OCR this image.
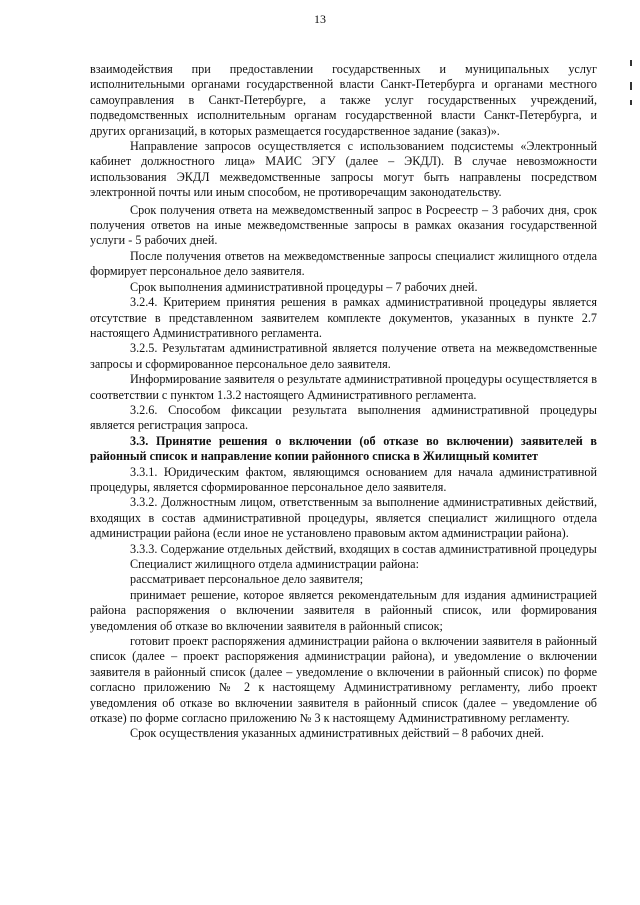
13

взаимодействия при предоставлении государственных и муниципальных услуг исполнительными органами государственной власти Санкт-Петербурга и органами местного самоуправления в Санкт-Петербурге, а также услуг государственных учреждений, подведомственных исполнительным органам государственной власти Санкт-Петербурга, и других организаций, в которых размещается государственное задание (заказ)».

Направление запросов осуществляется с использованием подсистемы «Электронный кабинет должностного лица» МАИС ЭГУ (далее – ЭКДЛ). В случае невозможности использования ЭКДЛ межведомственные запросы могут быть направлены посредством электронной почты или иным способом, не противоречащим законодательству.

Срок получения ответа на межведомственный запрос в Росреестр – 3 рабочих дня, срок получения ответов на иные межведомственные запросы в рамках оказания государственной услуги - 5 рабочих дней.

После получения ответов на межведомственные запросы специалист жилищного отдела формирует персональное дело заявителя.

Срок выполнения административной процедуры – 7 рабочих дней.

3.2.4. Критерием принятия решения в рамках административной процедуры является отсутствие в представленном заявителем комплекте документов, указанных в пункте 2.7 настоящего Административного регламента.

3.2.5. Результатам административной является получение ответа на межведомственные запросы и сформированное персональное дело заявителя.

Информирование заявителя о результате административной процедуры осуществляется в соответствии с пунктом 1.3.2 настоящего Административного регламента.

3.2.6. Способом фиксации результата выполнения административной процедуры является регистрация запроса.

3.3. Принятие решения о включении (об отказе во включении) заявителей в районный список и направление копии районного списка в Жилищный комитет

3.3.1. Юридическим фактом, являющимся основанием для начала административной процедуры, является сформированное персональное дело заявителя.

3.3.2. Должностным лицом, ответственным за выполнение административных действий, входящих в состав административной процедуры, является специалист жилищного отдела администрации района (если иное не установлено правовым актом администрации района).

3.3.3. Содержание отдельных действий, входящих в состав административной процедуры

Специалист жилищного отдела администрации района:

рассматривает персональное дело заявителя;

принимает решение, которое является рекомендательным для издания администрацией района распоряжения о включении заявителя в районный список, или формирования уведомления об отказе во включении заявителя в районный список;

готовит проект распоряжения администрации района о включении заявителя в районный список (далее – проект распоряжения администрации района), и уведомление о включении заявителя в районный список (далее – уведомление о включении в районный список) по форме согласно приложению № 2 к настоящему Административному регламенту, либо проект уведомления об отказе во включении заявителя в районный список (далее – уведомление об отказе) по форме согласно приложению № 3 к настоящему Административному регламенту.

Срок осуществления указанных административных действий – 8 рабочих дней.
